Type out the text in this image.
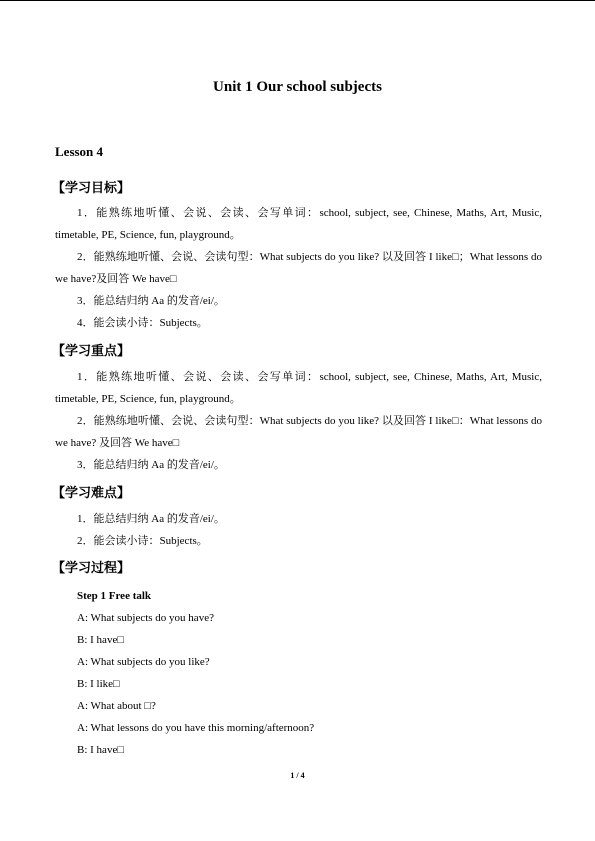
Unit 1 Our school subjects
Lesson 4
【学习目标】
1．能熟练地听懂、会说、会读、会写单词：school, subject, see, Chinese, Maths, Art, Music, timetable, PE, Science, fun, playground。
2．能熟练地听懂、会说、会读句型：What subjects do you like? 以及回答 I like□；What lessons do we have?及回答 We have□
3．能总结归纳 Aa 的发音/ei/。
4．能会读小诗：Subjects。
【学习重点】
1．能熟练地听懂、会说、会读、会写单词：school, subject, see, Chinese, Maths, Art, Music, timetable, PE, Science, fun, playground。
2．能熟练地听懂、会说、会读句型：What subjects do you like? 以及回答 I like□：What lessons do we have? 及回答 We have□
3．能总结归纳 Aa 的发音/ei/。
【学习难点】
1．能总结归纳 Aa 的发音/ei/。
2．能会读小诗：Subjects。
【学习过程】
Step 1 Free talk
A: What subjects do you have?
B: I have□
A: What subjects do you like?
B: I like□
A: What about □?
A: What lessons do you have this morning/afternoon?
B: I have□
1 / 4
